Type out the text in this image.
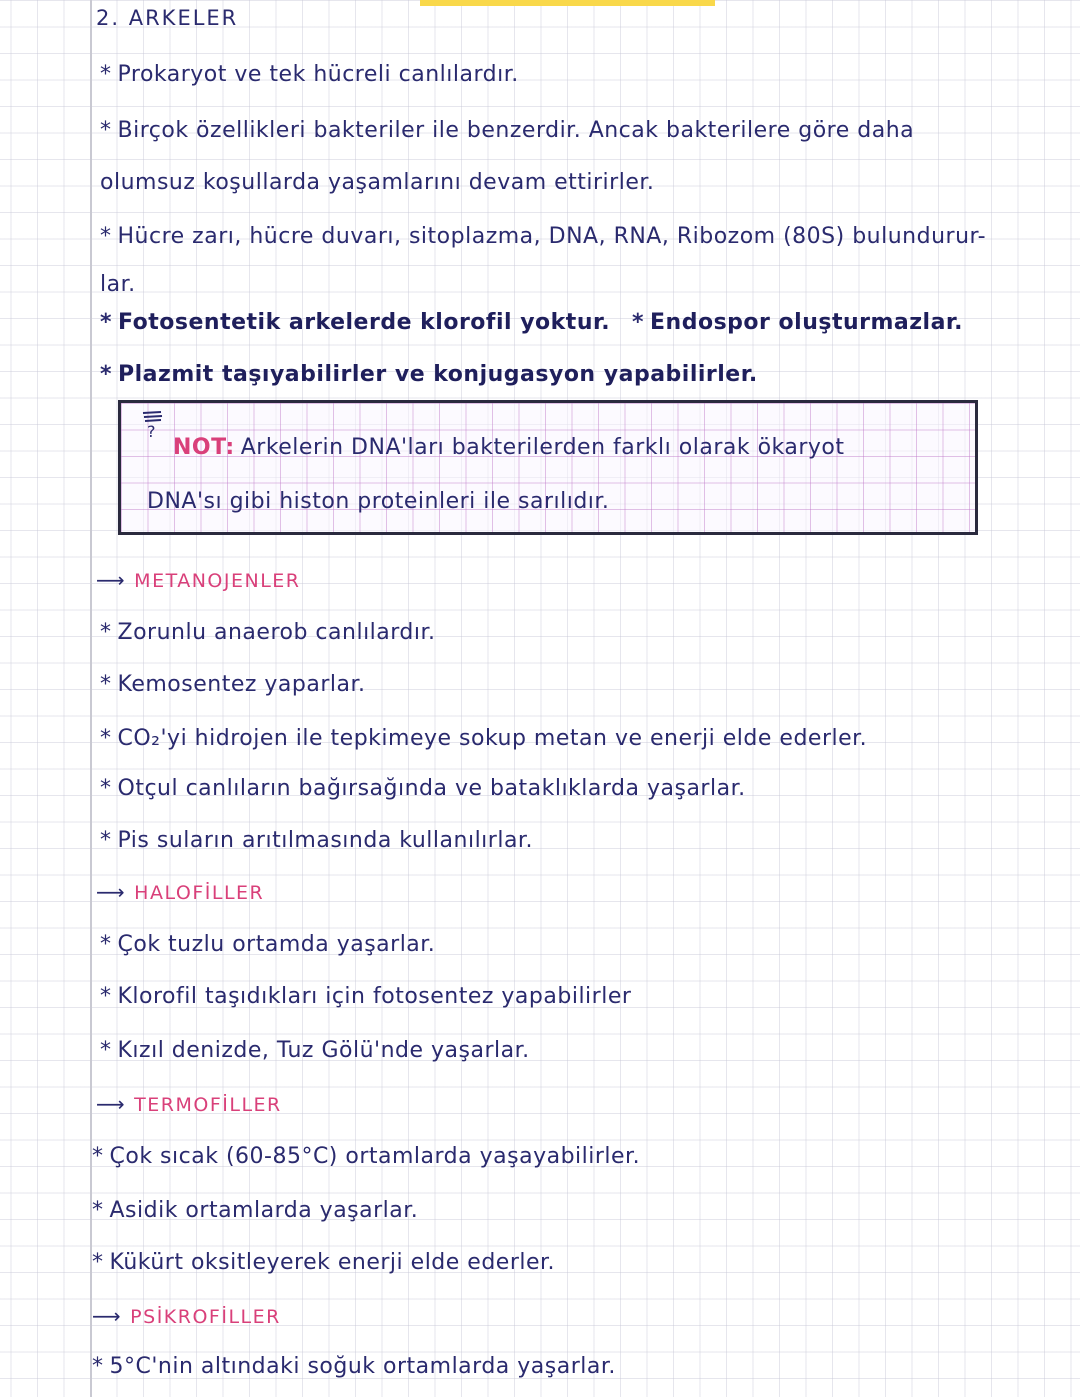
2. ARKELER
* Prokaryot ve tek hücreli canlılardır.
* Birçok özellikleri bakteriler ile benzerdir. Ancak bakterilere göre daha
olumsuz koşullarda yaşamlarını devam ettirirler.
* Hücre zarı, hücre duvarı, sitoplazma, DNA, RNA, Ribozom (80S) bulundurur-
lar.
* Fotosentetik arkelerde klorofil yoktur. * Endospor oluşturmazlar.
* Plazmit taşıyabilirler ve konjugasyon yapabilirler.
?
NOT: Arkelerin DNA'ları bakterilerden farklı olarak ökaryot
DNA'sı gibi histon proteinleri ile sarılıdır.
⟶ METANOJENLER
* Zorunlu anaerob canlılardır.
* Kemosentez yaparlar.
* CO₂'yi hidrojen ile tepkimeye sokup metan ve enerji elde ederler.
* Otçul canlıların bağırsağında ve bataklıklarda yaşarlar.
* Pis suların arıtılmasında kullanılırlar.
⟶ HALOFİLLER
* Çok tuzlu ortamda yaşarlar.
* Klorofil taşıdıkları için fotosentez yapabilirler
* Kızıl denizde, Tuz Gölü'nde yaşarlar.
⟶ TERMOFİLLER
* Çok sıcak (60-85°C) ortamlarda yaşayabilirler.
* Asidik ortamlarda yaşarlar.
* Kükürt oksitleyerek enerji elde ederler.
⟶ PSİKROFİLLER
* 5°C'nin altındaki soğuk ortamlarda yaşarlar.
